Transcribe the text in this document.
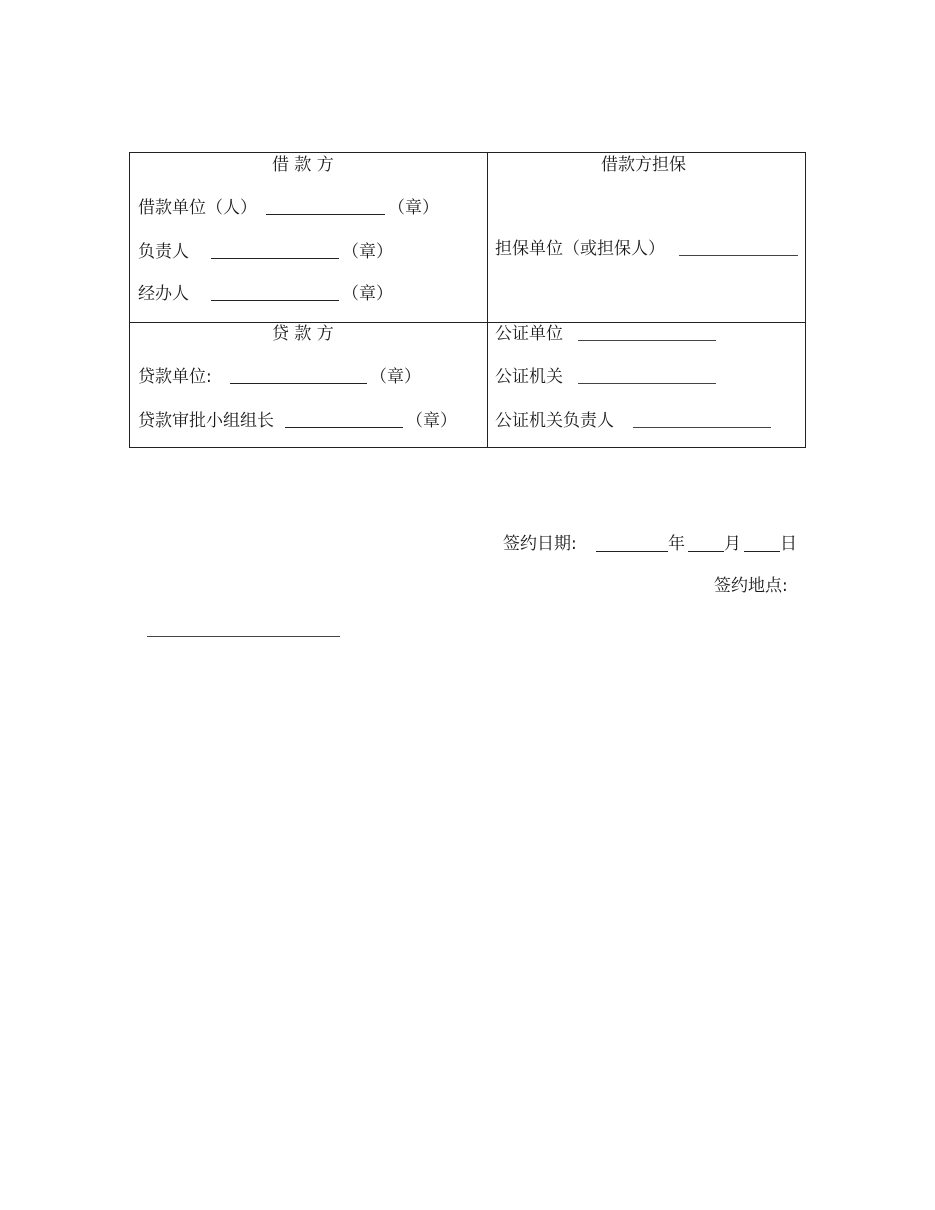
借 款 方
借款单位（人）	（章）
负责人	（章）
经办人	（章）
借款方担保
担保单位（或担保人）
贷 款 方
贷款单位:	（章）
贷款审批小组组长	（章）
公证单位
公证机关
公证机关负责人
签约日期:	年 月 日
签约地点:
